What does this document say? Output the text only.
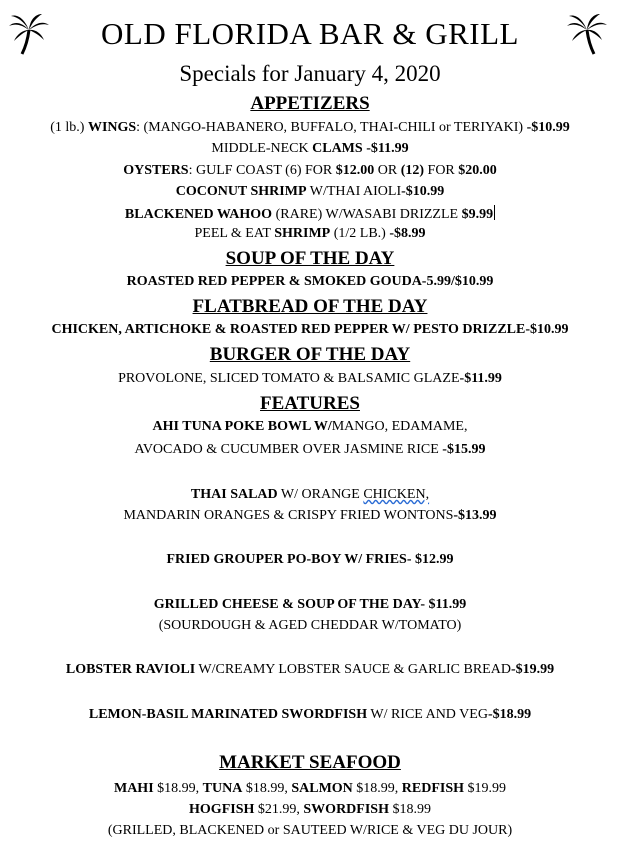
OLD FLORIDA BAR & GRILL
Specials for January 4, 2020
APPETIZERS
(1 lb.) WINGS: (MANGO-HABANERO, BUFFALO, THAI-CHILI or TERIYAKI) -$10.99
MIDDLE-NECK CLAMS -$11.99
OYSTERS: GULF COAST (6) FOR $12.00 OR (12) FOR $20.00
COCONUT SHRIMP W/THAI AIOLI-$10.99
BLACKENED WAHOO (RARE) W/WASABI DRIZZLE $9.99
PEEL & EAT SHRIMP (1/2 LB.) -$8.99
SOUP OF THE DAY
ROASTED RED PEPPER & SMOKED GOUDA-5.99/$10.99
FLATBREAD OF THE DAY
CHICKEN, ARTICHOKE & ROASTED RED PEPPER W/ PESTO DRIZZLE-$10.99
BURGER OF THE DAY
PROVOLONE, SLICED TOMATO & BALSAMIC GLAZE-$11.99
FEATURES
AHI TUNA POKE BOWL W/MANGO, EDAMAME,
AVOCADO & CUCUMBER OVER JASMINE RICE -$15.99
THAI SALAD W/ ORANGE CHICKEN,
MANDARIN ORANGES & CRISPY FRIED WONTONS-$13.99
FRIED GROUPER PO-BOY W/ FRIES- $12.99
GRILLED CHEESE & SOUP OF THE DAY- $11.99
(SOURDOUGH & AGED CHEDDAR W/TOMATO)
LOBSTER RAVIOLI W/CREAMY LOBSTER SAUCE & GARLIC BREAD-$19.99
LEMON-BASIL MARINATED SWORDFISH W/ RICE AND VEG-$18.99
MARKET SEAFOOD
MAHI $18.99, TUNA $18.99, SALMON $18.99, REDFISH $19.99
HOGFISH $21.99, SWORDFISH $18.99
(GRILLED, BLACKENED or SAUTEED W/RICE & VEG DU JOUR)
